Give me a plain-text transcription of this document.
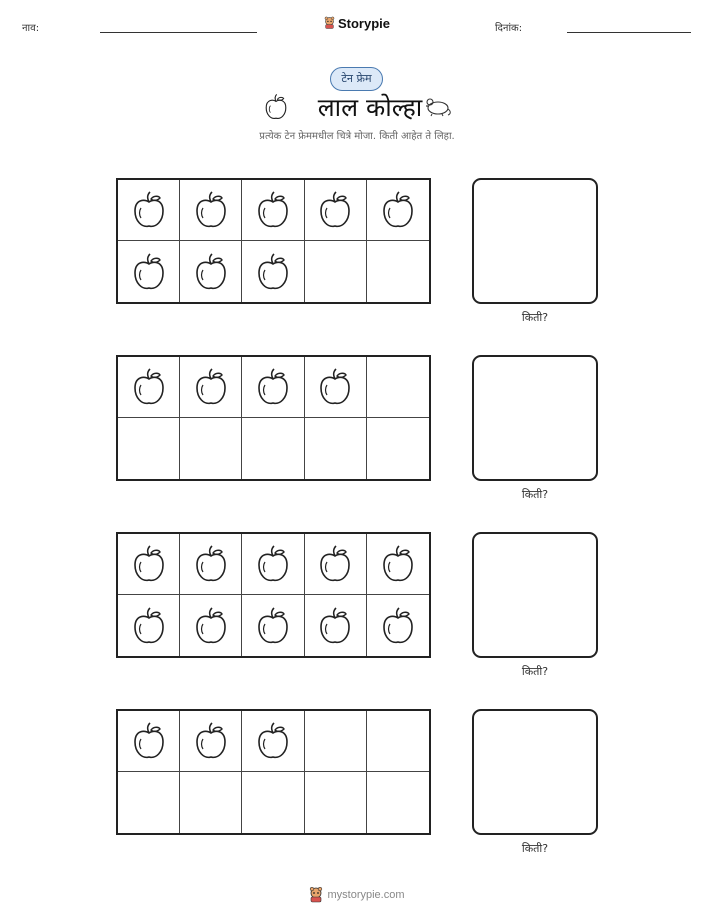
नाव:	Storypie	दिनांक:
टेन फ्रेम
लाल कोल्हा
प्रत्येक टेन फ्रेममधील चित्रे मोजा. किती आहेत ते लिहा.
किती?
किती?
किती?
किती?
mystorypie.com
